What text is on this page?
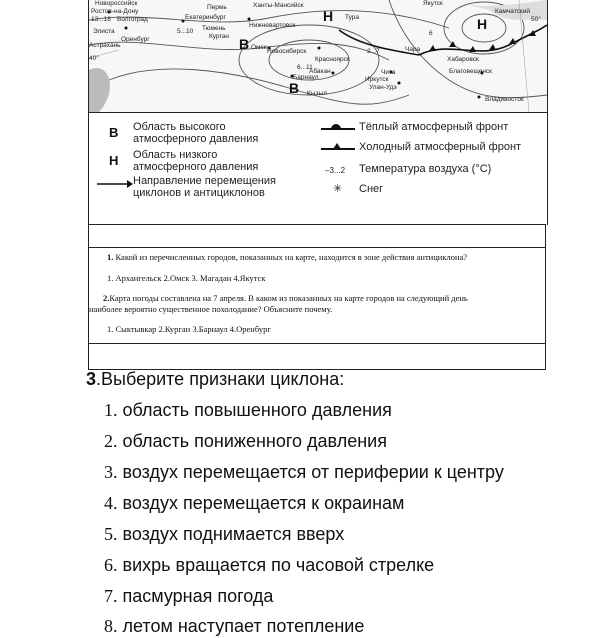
Новороссийск
Ростов-на-Дону
13...18 Волгоград
Элиста
Астрахань
Оренбург
Пермь
Екатеринбург
5...10 Тюмень
Курган
Омск
Ханты-Мансийск
Нижневартовск
Новосибирск
Тура
Красноярск
2...7
Барнаул
Абакан
Кызыл
Иркутск
Чита
Улан-Удэ
Чара
Якутск
Камчатский
50°
Хабаровск
Благовещенск
Владивосток
40°
6
6...11
В
В
Н	Н
В Область высокого
атмосферного давления
Н Область низкого
атмосферного давления
Направление перемещения
циклонов и антициклонов
Тёплый атмосферный фронт
Холодный атмосферный фронт
–3...2 Температура воздуха (°С)
✳ Снег
1. Какой из перечисленных городов, показанных на карте, находится в зоне действия антициклона?
1. Архангельск 2.Омск 3. Магадан 4.Якутск
2.Карта погоды составлена на 7 апреля. В каком из показанных на карте городов на следующий день
наиболее вероятно существенное похолодание? Объясните почему.
1. Сыктывкар 2.Курган 3.Барнаул 4.Оренбург
3.Выберите признаки циклона:
1. область повышенного давления
2. область пониженного давления
3. воздух перемещается от периферии к центру
4. воздух перемещается к окраинам
5. воздух поднимается вверх
6. вихрь вращается по часовой стрелке
7. пасмурная погода
8. летом наступает потепление
